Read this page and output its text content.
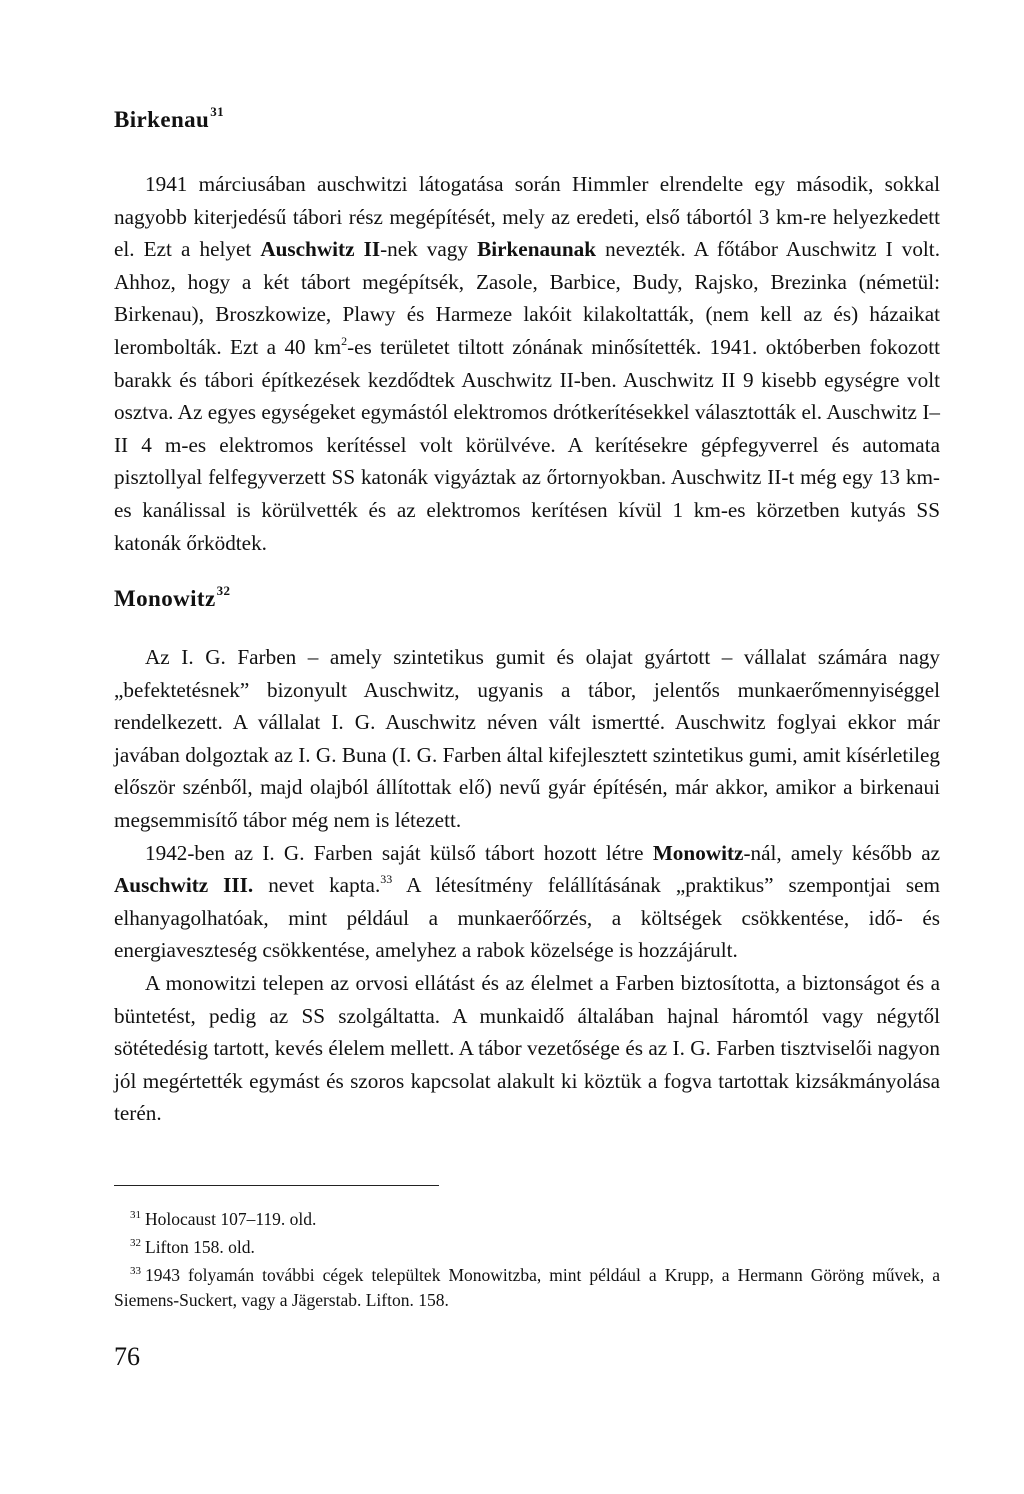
Birkenau$^{31}$

1941 márciusában auschwitzi látogatása során Himmler elrendelte egy második, sokkal nagyobb kiterjedésű tábori rész megépítését, mely az eredeti, első tábortól 3 km-re helyezkedett el. Ezt a helyet Auschwitz II-nek vagy Birkenaunak nevezték. A főtábor Auschwitz I volt. Ahhoz, hogy a két tábort megépítsék, Zasole, Barbice, Budy, Rajsko, Brezinka (németül: Birkenau), Broszkowize, Plawy és Harmeze lakóit kilakoltatták, (nem kell az és) házaikat lerombolták. Ezt a 40 $km^2-es$ területet tiltott zónának minősítették. 1941. októberben fokozott barakk és tábori építkezések kezdődtek Auschwitz II-ben. Auschwitz II 9 kisebb egységre volt osztva. Az egyes egységeket egymástól elektromos drótkerítésekkel választották el. Auschwitz I–II 4 m-es elektromos kerítéssel volt körülvéve. A kerítésekre gépfegyverrel és automata pisztollyal felfegyverzett SS katonák vigyáztak az őrtornyokban. Auschwitz II-t még egy 13 km-es kanálissal is körülvették és az elektromos kerítésen kívül 1 km-es körzetben kutyás SS katonák őrködtek.

Monowitz$^{32}$

Az I. G. Farben – amely szintetikus gumit és olajat gyártott – vállalat számára nagy „befektetésnek” bizonyult Auschwitz, ugyanis a tábor, jelentős munkaerőmennyiséggel rendelkezett. A vállalat I. G. Auschwitz néven vált ismertté. Auschwitz foglyai ekkor már javában dolgoztak az I. G. Buna (I. G. Farben által kifejlesztett szintetikus gumi, amit kísérletileg először szénből, majd olajból állítottak elő) nevű gyár építésén, már akkor, amikor a birkenaui megsemmisítő tábor még nem is létezett.

1942-ben az I. G. Farben saját külső tábort hozott létre Monowitz-nál, amely később az Auschwitz III. nevet kapta.$^{33}$ A létesítmény felállításának „praktikus” szempontjai sem elhanyagolhatóak, mint például a munkaerőőrzés, a költségek csökkentése, idő- és energiaveszteség csökkentése, amelyhez a rabok közelsége is hozzájárult.

A monowitzi telepen az orvosi ellátást és az élelmet a Farben biztosította, a biztonságot és a büntetést, pedig az SS szolgáltatta. A munkaidő általában hajnal háromtól vagy négytől sötétedésig tartott, kevés élelem mellett. A tábor vezetősége és az I. G. Farben tisztviselői nagyon jól megértették egymást és szoros kapcsolat alakult ki köztük a fogva tartottak kizsákmányolása terén.

31 Holocaust 107–119. old.

32 Lifton 158. old.

33 1943 folyamán további cégek települtek Monowitzba, mint például a Krupp, a Hermann Göröng művek, a Siemens-Suckert, vagy a Jägerstab. Lifton. 158.

76
